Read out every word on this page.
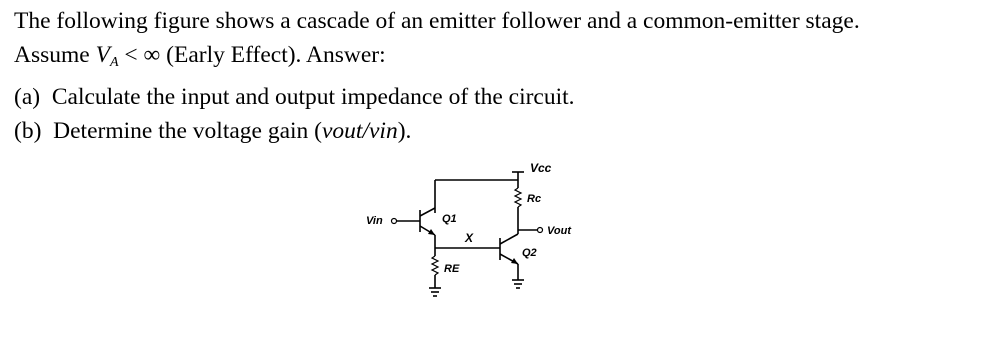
The following figure shows a cascade of an emitter follower and a common-emitter stage.
Assume $V_A$ < ∞ (Early Effect). Answer:
(a) Calculate the input and output impedance of the circuit.
(b) Determine the voltage gain (vout/vin).
Vcc
Vin	Q1
X
RE
Rc
Vout
Q2
